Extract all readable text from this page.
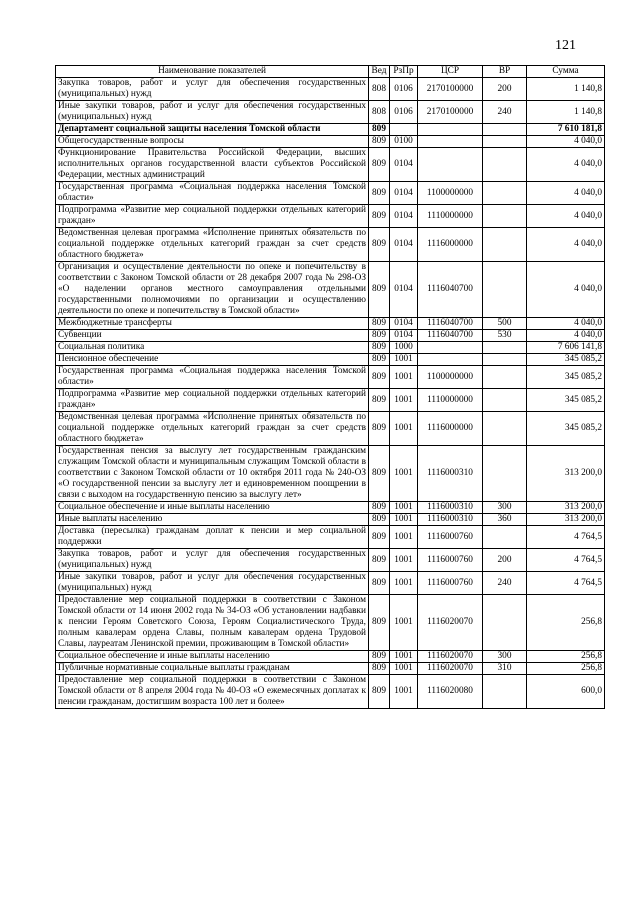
121
Наименование показателей	Вед	РзПр	ЦСР	ВР	Сумма
Закупка товаров, работ и услуг для обеспечения государственных (муниципальных) нужд	808	0106	2170100000	200	1 140,8
Иные закупки товаров, работ и услуг для обеспечения государственных (муниципальных) нужд	808	0106	2170100000	240	1 140,8
Департамент социальной защиты населения Томской области	809				7 610 181,8
Общегосударственные вопросы	809	0100			4 040,0
Функционирование Правительства Российской Федерации, высших исполнительных органов государственной власти субъектов Российской Федерации, местных администраций	809	0104			4 040,0
Государственная программа «Социальная поддержка населения Томской области»	809	0104	1100000000		4 040,0
Подпрограмма «Развитие мер социальной поддержки отдельных категорий граждан»	809	0104	1110000000		4 040,0
Ведомственная целевая программа «Исполнение принятых обязательств по социальной поддержке отдельных категорий граждан за счет средств областного бюджета»	809	0104	1116000000		4 040,0
Организация и осуществление деятельности по опеке и попечительству в соответствии с Законом Томской области от 28 декабря 2007 года № 298-ОЗ «О наделении органов местного самоуправления отдельными государственными полномочиями по организации и осуществлению деятельности по опеке и попечительству в Томской области»	809	0104	1116040700		4 040,0
Межбюджетные трансферты	809	0104	1116040700	500	4 040,0
Субвенции	809	0104	1116040700	530	4 040,0
Социальная политика	809	1000			7 606 141,8
Пенсионное обеспечение	809	1001			345 085,2
Государственная программа «Социальная поддержка населения Томской области»	809	1001	1100000000		345 085,2
Подпрограмма «Развитие мер социальной поддержки отдельных категорий граждан»	809	1001	1110000000		345 085,2
Ведомственная целевая программа «Исполнение принятых обязательств по социальной поддержке отдельных категорий граждан за счет средств областного бюджета»	809	1001	1116000000		345 085,2
Государственная пенсия за выслугу лет государственным гражданским служащим Томской области и муниципальным служащим Томской области в соответствии с Законом Томской области от 10 октября 2011 года № 240-ОЗ «О государственной пенсии за выслугу лет и единовременном поощрении в связи с выходом на государственную пенсию за выслугу лет»	809	1001	1116000310		313 200,0
Социальное обеспечение и иные выплаты населению	809	1001	1116000310	300	313 200,0
Иные выплаты населению	809	1001	1116000310	360	313 200,0
Доставка (пересылка) гражданам доплат к пенсии и мер социальной поддержки	809	1001	1116000760		4 764,5
Закупка товаров, работ и услуг для обеспечения государственных (муниципальных) нужд	809	1001	1116000760	200	4 764,5
Иные закупки товаров, работ и услуг для обеспечения государственных (муниципальных) нужд	809	1001	1116000760	240	4 764,5
Предоставление мер социальной поддержки в соответствии с Законом Томской области от 14 июня 2002 года № 34-ОЗ «Об установлении надбавки к пенсии Героям Советского Союза, Героям Социалистического Труда, полным кавалерам ордена Славы, полным кавалерам ордена Трудовой Славы, лауреатам Ленинской премии, проживающим в Томской области»	809	1001	1116020070		256,8
Социальное обеспечение и иные выплаты населению	809	1001	1116020070	300	256,8
Публичные нормативные социальные выплаты гражданам	809	1001	1116020070	310	256,8
Предоставление мер социальной поддержки в соответствии с Законом Томской области от 8 апреля 2004 года № 40-ОЗ «О ежемесячных доплатах к пенсии гражданам, достигшим возраста 100 лет и более»	809	1001	1116020080		600,0
